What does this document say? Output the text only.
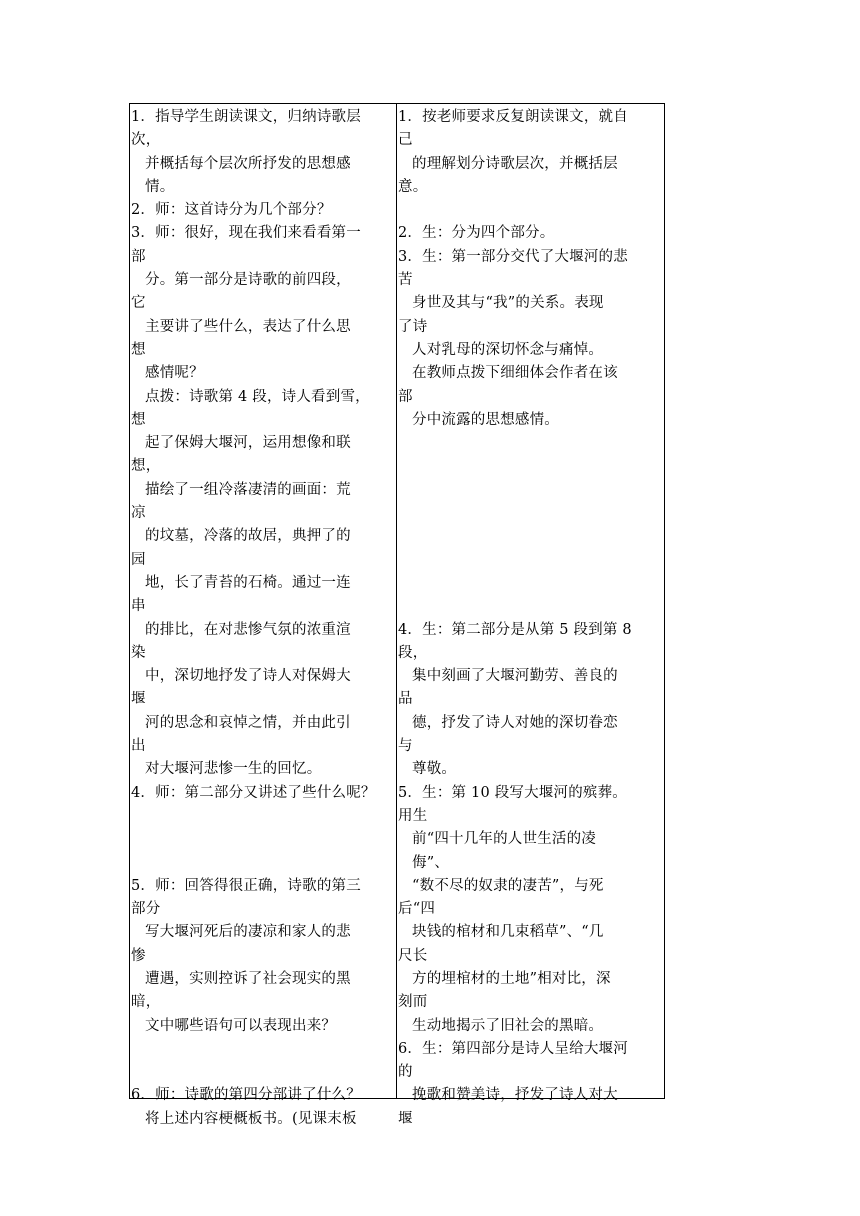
1．指导学生朗读课文，归纳诗歌层
次，
并概括每个层次所抒发的思想感
情。
2．师：这首诗分为几个部分？
3．师：很好，现在我们来看看第一
部
分。第一部分是诗歌的前四段，
它
主要讲了些什么，表达了什么思
想
感情呢？
点拨：诗歌第 4 段，诗人看到雪，
想
起了保姆大堰河，运用想像和联
想，
描绘了一组冷落凄清的画面：荒
凉
的坟墓，冷落的故居，典押了的
园
地，长了青苔的石椅。通过一连
串
的排比，在对悲惨气氛的浓重渲
染
中，深切地抒发了诗人对保姆大
堰
河的思念和哀悼之情，并由此引
出
对大堰河悲惨一生的回忆。
4．师：第二部分又讲述了些什么呢？
5．师：回答得很正确，诗歌的第三
部分
写大堰河死后的凄凉和家人的悲
惨
遭遇，实则控诉了社会现实的黑
暗，
文中哪些语句可以表现出来？
6．师：诗歌的第四分部讲了什么？
将上述内容梗概板书。(见课末板
1．按老师要求反复朗读课文，就自
己
的理解划分诗歌层次，并概括层
意。
2．生：分为四个部分。
3．生：第一部分交代了大堰河的悲
苦
身世及其与“我”的关系。表现
了诗
人对乳母的深切怀念与痛悼。
在教师点拨下细细体会作者在该
部
分中流露的思想感情。
4．生：第二部分是从第 5 段到第 8
段，
集中刻画了大堰河勤劳、善良的
品
德，抒发了诗人对她的深切眷恋
与
尊敬。
5．生：第 10 段写大堰河的殡葬。
用生
前“四十几年的人世生活的凌
侮”、
“数不尽的奴隶的凄苦”，与死
后“四
块钱的棺材和几束稻草”、“几
尺长
方的埋棺材的土地”相对比，深
刻而
生动地揭示了旧社会的黑暗。
6．生：第四部分是诗人呈给大堰河
的
挽歌和赞美诗，抒发了诗人对大
堰
